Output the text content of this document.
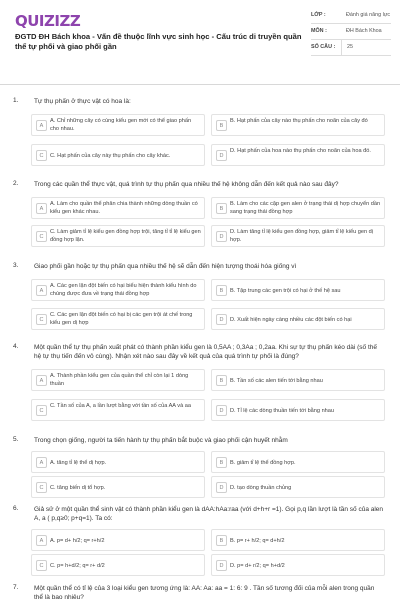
QUIZIZZ
ĐGTD ĐH Bách khoa - Vấn đề thuộc lĩnh vực sinh học - Cấu trúc di truyền quần thể tự phối và giao phối gần
LỚP :	Đánh giá năng lực
MÔN :	ĐH Bách Khoa
SỐ CÂU :	25
1. Tự thụ phấn ở thực vật có hoa là:
A
A. Chỉ những cây có cùng kiểu gen mới có thể giao phấn cho nhau.	B
B. Hạt phấn của cây nào thụ phấn cho noãn của cây đó
C	C. Hạt phấn của cây này thụ phấn cho cây khác.	D
D. Hạt phấn của hoa nào thụ phấn cho noãn của hoa đó.
2. Trong các quần thể thực vật, quá trình tự thụ phấn qua nhiều thế hệ không dẫn đến kết quả nào sau đây?
A
A. Làm cho quần thể phân chia thành những dòng thuần có kiểu gen khác nhau.	B
B. Làm cho các cặp gen alen ở trạng thái dị hợp chuyển dần sang trạng thái đồng hợp
C
C. Làm giảm tỉ lệ kiểu gen đồng hợp trội, tăng tỉ tỉ lệ kiểu gen đồng hợp lặn.	D
D. Làm tăng tỉ lệ kiểu gen đồng hợp, giảm tỉ lệ kiểu gen dị hợp.
3. Giao phối gần hoặc tự thụ phấn qua nhiều thế hệ sẽ dẫn đến hiện tượng thoái hóa giống vì
A
A. Các gen lặn đột biến có hại biểu hiện thành kiểu hình do chúng được đưa về trạng thái đồng hợp	B	B. Tập trung các gen trội có hại ở thế hệ sau
C
C. Các gen lặn đột biến có hại bị các gen trội át chế trong kiểu gen dị hợp	D	D. Xuất hiện ngày càng nhiều các đột biến có hại
4. Một quần thể tự thụ phấn xuất phát có thành phần kiểu gen là 0,5AA ; 0,3Aa ; 0,2aa. Khi sự tự thụ phấn kéo dài (số thế hệ tự thụ tiến đến vô cùng). Nhận xét nào sau đây về kết quả của quá trình tự phối là đúng?
A
A. Thành phần kiểu gen của quần thể chỉ còn lại 1 dòng thuần	B	B. Tần số các alen tiến tới bằng nhau
C
C. Tần số của A, a lần lượt bằng với tần số của AA và aa
D	D. Tỉ lệ các dòng thuần tiến tới bằng nhau
5. Trong chọn giống, người ta tiến hành tự thụ phấn bắt buộc và giao phối cận huyết nhằm
A	A. tăng tỉ lệ thể dị hợp.	B	B. giảm tỉ lệ thể đồng hợp.
C	C. tăng biến dị tổ hợp.	D	D. tạo dòng thuần chủng
6. Giả sử ở một quần thể sinh vật có thành phần kiểu gen là dAA:hAa:raa (với d+h+r =1). Gọi p,q lần lượt là tần số của alen A, a ( p,q≥0; p+q=1). Ta có:
A	A. p= d+ h/2; q= r+h/2	B	B. p= r+ h/2; q= d+h/2
C	C. p= h+d/2; q= r+ d/2	D	D. p= d+ r/2; q= h+d/2
7. Một quần thể có tỉ lệ của 3 loại kiểu gen tương ứng là: AA: Aa: aa = 1: 6: 9 . Tần số tương đối của mỗi alen trong quần thể là bao nhiêu?
